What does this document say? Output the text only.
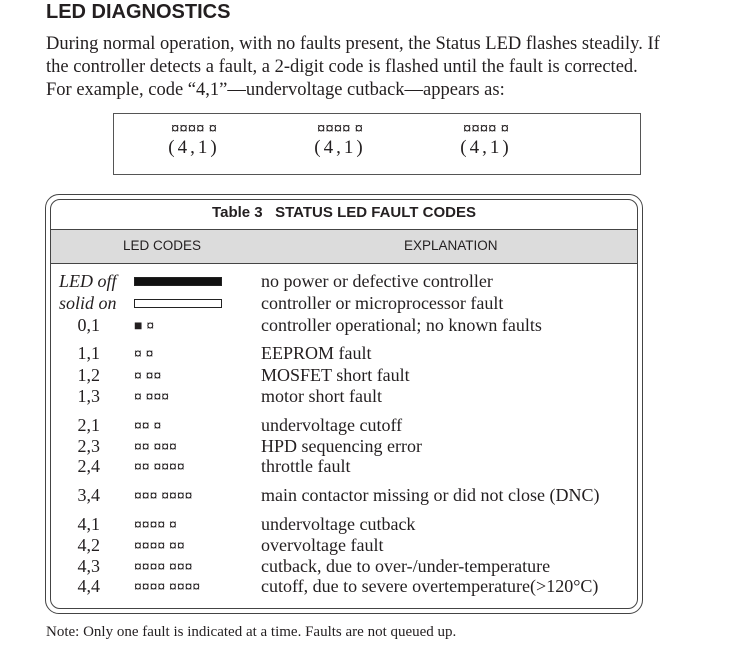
LED DIAGNOSTICS
During normal operation, with no faults present, the Status LED flashes steadily. If the controller detects a fault, a 2-digit code is flashed until the fault is corrected. For example, code “4,1”—undervoltage cutback—appears as:
¤¤¤¤ ¤
(4,1)
¤¤¤¤ ¤
(4,1)
¤¤¤¤ ¤
(4,1)
Table 3   STATUS LED FAULT CODES
LED CODES	EXPLANATION
LED off	no power or defective controller
solid on	controller or microprocessor fault
0,1 ■ ¤	controller operational; no known faults
1,1 ¤ ¤	EEPROM fault
1,2 ¤ ¤¤	MOSFET short fault
1,3 ¤ ¤¤¤	motor short fault
2,1 ¤¤ ¤	undervoltage cutoff
2,3 ¤¤ ¤¤¤	HPD sequencing error
2,4 ¤¤ ¤¤¤¤	throttle fault
3,4 ¤¤¤ ¤¤¤¤	main contactor missing or did not close (DNC)
4,1 ¤¤¤¤ ¤	undervoltage cutback
4,2 ¤¤¤¤ ¤¤	overvoltage fault
4,3 ¤¤¤¤ ¤¤¤	cutback, due to over-/under-temperature
4,4 ¤¤¤¤ ¤¤¤¤	cutoff, due to severe overtemperature(>120°C)
Note: Only one fault is indicated at a time. Faults are not queued up.
